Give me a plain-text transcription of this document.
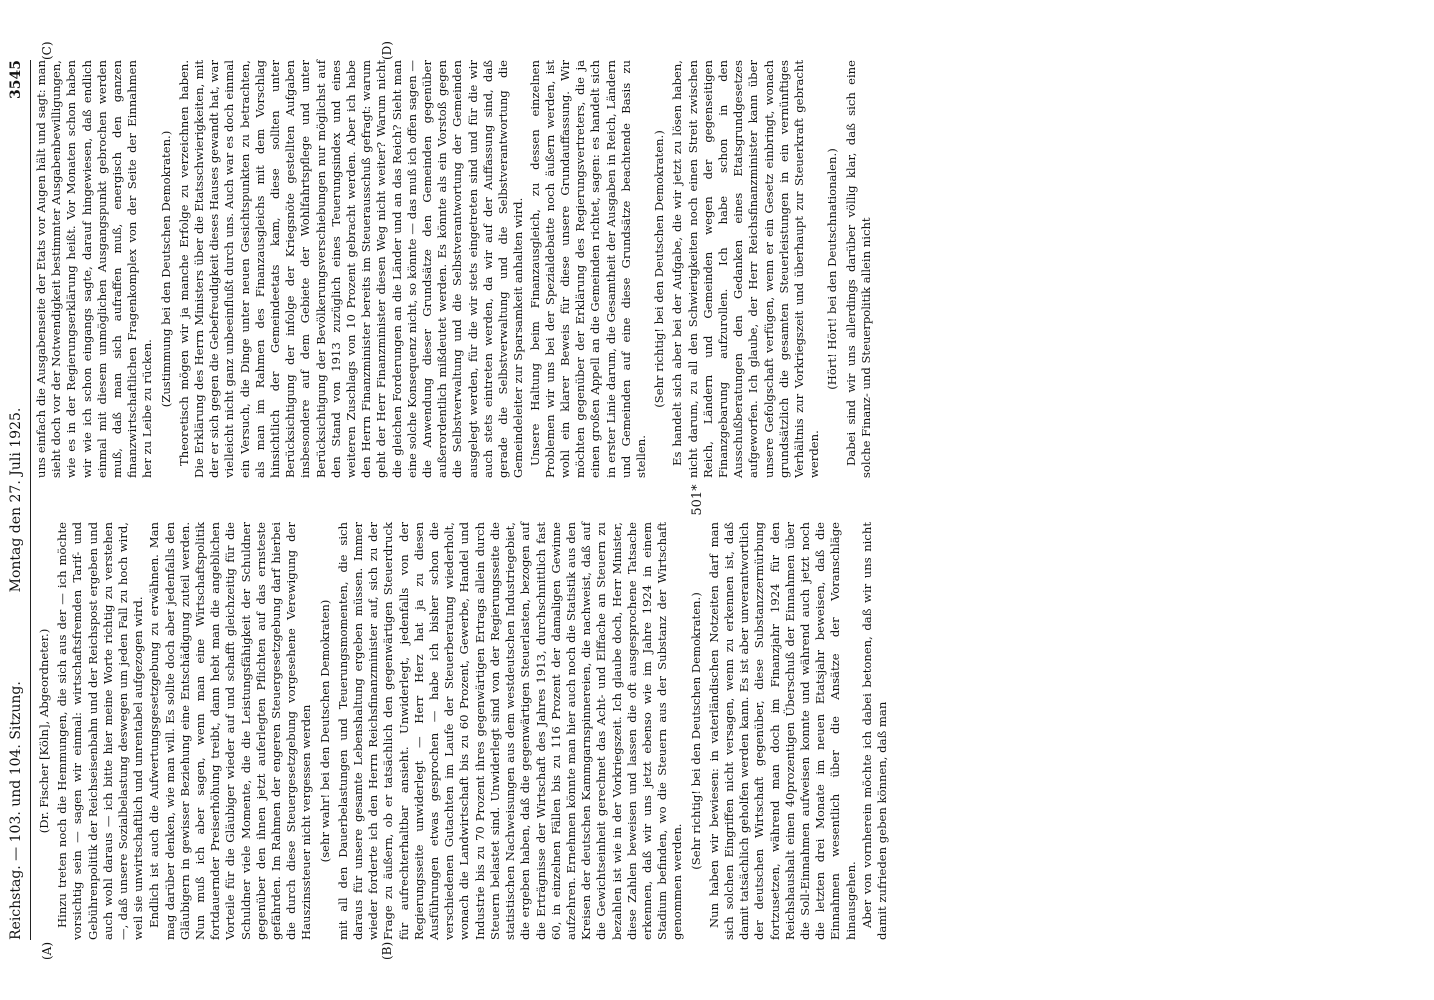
Reichstag. — 103. und 104. Sitzung.
Montag den 27. Juli 1925.
3545
(A)	(B)
(C)	(D)

(Dr. Fischer [Köln], Abgeordneter.) Hinzu treten noch die Hemmungen, die sich aus der — ich möchte vorsichtig sein — sagen wir einmal: wirtschaftsfremden Tarif- und Gebührenpolitik der Reichseisenbahn und der Reichspost ergeben und auch wohl daraus — ich bitte hier meine Worte richtig zu verstehen —, daß unsere Sozialbelastung deswegen um jeden Fall zu hoch wird, weil sie unwirtschaftlich und unrentabel aufgezogen wird. Endlich ist auch die Aufwertungsgesetzgebung zu erwähnen. Man mag darüber denken, wie man will. Es sollte doch aber jedenfalls den Gläubigern in gewisser Beziehung eine Entschädigung zuteil werden. Nun muß ich aber sagen, wenn man eine Wirtschaftspolitik fortdauernder Preiserhöhung treibt, dann hebt man die angeblichen Vorteile für die Gläubiger wieder auf und schafft gleichzeitig für die Schuldner viele Momente, die die Leistungsfähigkeit der Schuldner gegenüber den ihnen jetzt auferlegten Pflichten auf das ernsteste gefährden. Im Rahmen der engeren Steuergesetzgebung darf hierbei die durch diese Steuergesetzgebung vorgesehene Verewigung der Hauszinssteuer nicht vergessen werden (sehr wahr! bei den Deutschen Demokraten) mit all den Dauerbelastungen und Teuerungsmomenten, die sich daraus für unsere gesamte Lebenshaltung ergeben müssen. Immer wieder forderte ich den Herrn Reichsfinanzminister auf, sich zu der Frage zu äußern, ob er tatsächlich den gegenwärtigen Steuerdruck für aufrechterhaltbar ansieht. Unwiderlegt, jedenfalls von der Regierungsseite unwiderlegt — Herr Herz hat ja zu diesen Ausführungen etwas gesprochen — habe ich bisher schon die verschiedenen Gutachten im Laufe der Steuerberatung wiederholt, wonach die Landwirtschaft bis zu 60 Prozent, Gewerbe, Handel und Industrie bis zu 70 Prozent ihres gegenwärtigen Ertrags allein durch Steuern belastet sind. Unwiderlegt sind von der Regierungsseite die statistischen Nachweisungen aus dem westdeutschen Industriegebiet, die ergeben haben, daß die gegenwärtigen Steuerlasten, bezogen auf die Erträgnisse der Wirtschaft des Jahres 1913, durchschnittlich fast 60, in einzelnen Fällen bis zu 116 Prozent der damaligen Gewinne aufzehren. Ernehmen könnte man hier auch noch die Statistik aus den Kreisen der deutschen Kammgarnspinnereien, die nachweist, daß auf die Gewichtseinheit gerechnet das Acht- und Elffache an Steuern zu bezahlen ist wie in der Vorkriegszeit. Ich glaube doch, Herr Minister, diese Zahlen beweisen und lassen die oft ausgesprochene Tatsache erkennen, daß wir uns jetzt ebenso wie im Jahre 1924 in einem Stadium befinden, wo die Steuern aus der Substanz der Wirtschaft genommen werden.

(Sehr richtig! bei den Deutschen Demokraten.) Nun haben wir bewiesen: in vaterländischen Notzeiten darf man sich solchen Eingriffen nicht versagen, wenn zu erkennen ist, daß damit tatsächlich geholfen werden kann. Es ist aber unverantwortlich der deutschen Wirtschaft gegenüber, diese Substanzzermürbung fortzusetzen, während man doch im Finanzjahr 1924 für den Reichshaushalt einen 40prozentigen Überschuß der Einnahmen über die Soll-Einnahmen aufweisen konnte und während auch jetzt noch die letzten drei Monate im neuen Etatsjahr beweisen, daß die Einnahmen wesentlich über die Ansätze der Voranschläge hinausgehen. Aber von vornherein möchte ich dabei betonen, daß wir uns nicht damit zufrieden geben können, daß man

uns einfach die Ausgabenseite der Etats vor Augen hält und sagt: man sieht doch vor der Notwendigkeit bestimmter Ausgabenbewilligungen, wie es in der Regierungserklärung heißt. Vor Monaten schon haben wir wie ich schon eingangs sagte, darauf hingewiesen, daß endlich einmal mit diesem unmöglichen Ausgangspunkt gebrochen werden muß, daß man sich aufraffen muß, energisch den ganzen finanzwirtschaftlichen Fragenkomplex von der Seite der Einnahmen her zu Leibe zu rücken.

(Zustimmung bei den Deutschen Demokraten.) Theoretisch mögen wir ja manche Erfolge zu verzeichnen haben. Die Erklärung des Herrn Ministers über die Etatsschwierigkeiten, mit der er sich gegen die Gebefreudigkeit dieses Hauses gewandt hat, war vielleicht nicht ganz unbeeinflußt durch uns. Auch war es doch einmal ein Versuch, die Dinge unter neuen Gesichtspunkten zu betrachten, als man im Rahmen des Finanzausgleichs mit dem Vorschlag hinsichtlich der Gemeindeetats kam, diese sollten unter Berücksichtigung der infolge der Kriegsnöte gestellten Aufgaben insbesondere auf dem Gebiete der Wohlfahrtspflege und unter Berücksichtigung der Bevölkerungsverschiebungen nur möglichst auf den Stand von 1913 zuzüglich eines Teuerungsindex und eines weiteren Zuschlags von 10 Prozent gebracht werden. Aber ich habe den Herrn Finanzminister bereits im Steuerausschuß gefragt: warum geht der Herr Finanzminister diesen Weg nicht weiter? Warum nicht die gleichen Forderungen an die Länder und an das Reich? Sieht man eine solche Konsequenz nicht, so könnte — das muß ich offen sagen — die Anwendung dieser Grundsätze den Gemeinden gegenüber außerordentlich mißdeutet werden. Es könnte als ein Vorstoß gegen die Selbstverwaltung und die Selbstverantwortung der Gemeinden ausgelegt werden, für die wir stets eingetreten sind und für die wir auch stets eintreten werden, da wir auf der Auffassung sind, daß gerade die Selbstverwaltung und die Selbstverantwortung die Gemeindeleiter zur Sparsamkeit anhalten wird. Unsere Haltung beim Finanzausgleich, zu dessen einzelnen Problemen wir uns bei der Spezialdebatte noch äußern werden, ist wohl ein klarer Beweis für diese unsere Grundauffassung. Wir möchten gegenüber der Erklärung des Regierungsvertreters, die ja einen großen Appell an die Gemeinden richtet, sagen: es handelt sich in erster Linie darum, die Gesamtheit der Ausgaben in Reich, Ländern und Gemeinden auf eine diese Grundsätze beachtende Basis zu stellen.

(Sehr richtig! bei den Deutschen Demokraten.) Es handelt sich aber bei der Aufgabe, die wir jetzt zu lösen haben, nicht darum, zu all den Schwierigkeiten noch einen Streit zwischen Reich, Ländern und Gemeinden wegen der gegenseitigen Finanzgebarung aufzurollen. Ich habe schon in den Ausschußberatungen den Gedanken eines Etatsgrundgesetzes aufgeworfen. Ich glaube, der Herr Reichsfinanzminister kann über unsere Gefolgschaft verfügen, wenn er ein Gesetz einbringt, wonach grundsätzlich die gesamten Steuerleistungen in ein vernünftiges Verhältnis zur Vorkriegszeit und überhaupt zur Steuerkraft gebracht werden.

(Hört! Hört! bei den Deutschnationalen.) Dabei sind wir uns allerdings darüber völlig klar, daß sich eine solche Finanz- und Steuerpolitik allein nicht

501*
